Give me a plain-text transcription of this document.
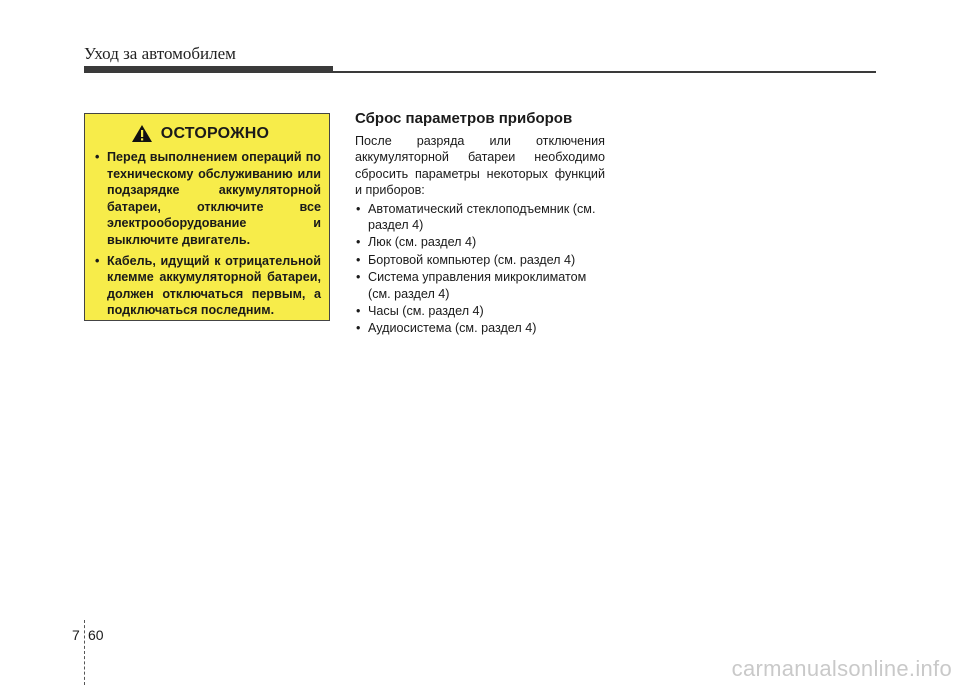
Уход за автомобилем
ОСТОРОЖНО
• Перед выполнением операций по техническому обслуживанию или подзарядке аккумуляторной батареи, отключите все электрооборудование и выключите двигатель.
• Кабель, идущий к отрицательной клемме аккумуляторной батареи, должен отключаться первым, а подключаться последним.
Сброс параметров приборов

После разряда или отключения аккумуляторной батареи необходимо сбросить параметры некоторых функций и приборов:

• Автоматический стеклоподъемник (см. раздел 4)
• Люк (см. раздел 4)
• Бортовой компьютер (см. раздел 4)
• Система управления микроклиматом (см. раздел 4)
• Часы (см. раздел 4)
• Аудиосистема (см. раздел 4)
7 60
carmanualsonline.info
